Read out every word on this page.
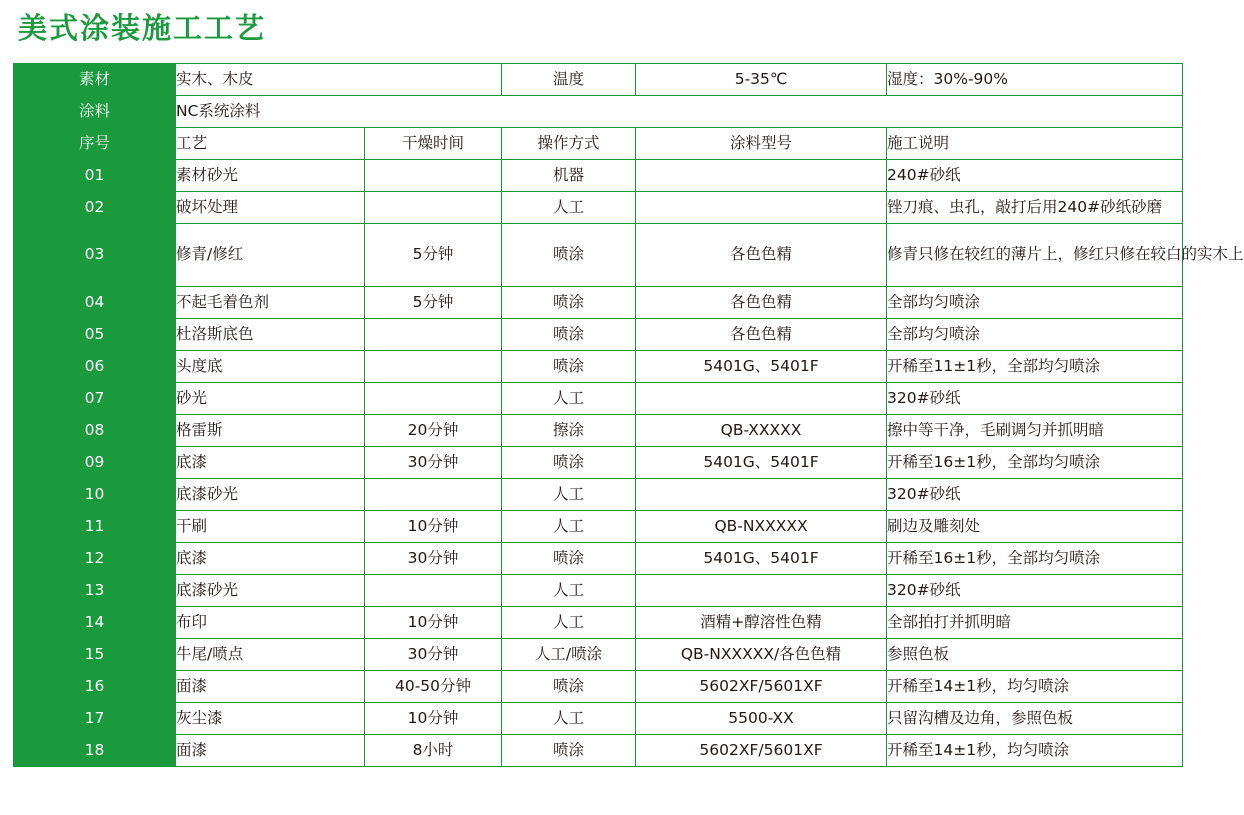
美式涂装施工工艺
素材	实木、木皮		温度	5-35℃	湿度：30%-90%
涂料	NC系统涂料				
序号	工艺	干燥时间	操作方式	涂料型号	施工说明
01	素材砂光		机器		240#砂纸
02	破坏处理		人工		锉刀痕、虫孔，敲打后用240#砂纸砂磨
03	修青/修红	5分钟	喷涂	各色色精	修青只修在较红的薄片上，修红只修在较白的实木上
04	不起毛着色剂	5分钟	喷涂	各色色精	全部均匀喷涂
05	杜洛斯底色		喷涂	各色色精	全部均匀喷涂
06	头度底		喷涂	5401G、5401F	开稀至11±1秒，全部均匀喷涂
07	砂光		人工		320#砂纸
08	格雷斯	20分钟	擦涂	QB-XXXXX	擦中等干净，毛刷调匀并抓明暗
09	底漆	30分钟	喷涂	5401G、5401F	开稀至16±1秒，全部均匀喷涂
10	底漆砂光		人工		320#砂纸
11	干刷	10分钟	人工	QB-NXXXXX	刷边及雕刻处
12	底漆	30分钟	喷涂	5401G、5401F	开稀至16±1秒，全部均匀喷涂
13	底漆砂光		人工		320#砂纸
14	布印	10分钟	人工	酒精+醇溶性色精	全部拍打并抓明暗
15	牛尾/喷点	30分钟	人工/喷涂	QB-NXXXXX/各色色精	参照色板
16	面漆	40-50分钟	喷涂	5602XF/5601XF	开稀至14±1秒，均匀喷涂
17	灰尘漆	10分钟	人工	5500-XX	只留沟槽及边角，参照色板
18	面漆	8小时	喷涂	5602XF/5601XF	开稀至14±1秒，均匀喷涂
